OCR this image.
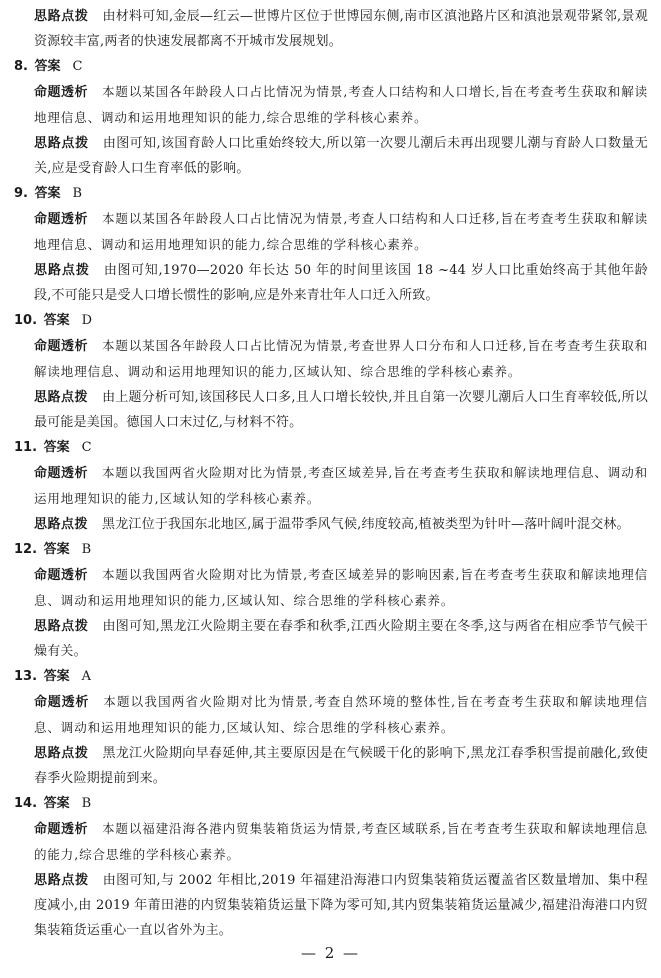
思路点拨 由材料可知,金辰—红云—世博片区位于世博园东侧,南市区滇池路片区和滇池景观带紧邻,景观资源较丰富,两者的快速发展都离不开城市发展规划。

8. 答案 C

命题透析 本题以某国各年龄段人口占比情况为情景,考查人口结构和人口增长,旨在考查考生获取和解读地理信息、调动和运用地理知识的能力,综合思维的学科核心素养。

思路点拨 由图可知,该国育龄人口比重始终较大,所以第一次婴儿潮后未再出现婴儿潮与育龄人口数量无关,应是受育龄人口生育率低的影响。

9. 答案 B

命题透析 本题以某国各年龄段人口占比情况为情景,考查人口结构和人口迁移,旨在考查考生获取和解读地理信息、调动和运用地理知识的能力,综合思维的学科核心素养。

思路点拨 由图可知,1970—2020 年长达 50 年的时间里该国 18 ~44 岁人口比重始终高于其他年龄段,不可能只是受人口增长惯性的影响,应是外来青壮年人口迁入所致。

10. 答案 D

命题透析 本题以某国各年龄段人口占比情况为情景,考查世界人口分布和人口迁移,旨在考查考生获取和解读地理信息、调动和运用地理知识的能力,区域认知、综合思维的学科核心素养。

思路点拨 由上题分析可知,该国移民人口多,且人口增长较快,并且自第一次婴儿潮后人口生育率较低,所以最可能是美国。德国人口末过亿,与材料不符。

11. 答案 C

命题透析 本题以我国两省火险期对比为情景,考查区域差异,旨在考查考生获取和解读地理信息、调动和运用地理知识的能力,区域认知的学科核心素养。

思路点拨 黑龙江位于我国东北地区,属于温带季风气候,纬度较高,植被类型为针叶—落叶阔叶混交林。

12. 答案 B

命题透析 本题以我国两省火险期对比为情景,考查区域差异的影响因素,旨在考查考生获取和解读地理信息、调动和运用地理知识的能力,区域认知、综合思维的学科核心素养。

思路点拨 由图可知,黑龙江火险期主要在春季和秋季,江西火险期主要在冬季,这与两省在相应季节气候干燥有关。

13. 答案 A

命题透析 本题以我国两省火险期对比为情景,考查自然环境的整体性,旨在考查考生获取和解读地理信息、调动和运用地理知识的能力,区域认知、综合思维的学科核心素养。

思路点拨 黑龙江火险期向早春延伸,其主要原因是在气候暖干化的影响下,黑龙江春季积雪提前融化,致使春季火险期提前到来。

14. 答案 B

命题透析 本题以福建沿海各港内贸集装箱货运为情景,考查区域联系,旨在考查考生获取和解读地理信息的能力,综合思维的学科核心素养。

思路点拨 由图可知,与 2002 年相比,2019 年福建沿海港口内贸集装箱货运覆盖省区数量增加、集中程度减小,由 2019 年莆田港的内贸集装箱货运量下降为零可知,其内贸集装箱货运量减少,福建沿海港口内贸集装箱货运重心一直以省外为主。

— 2 —
